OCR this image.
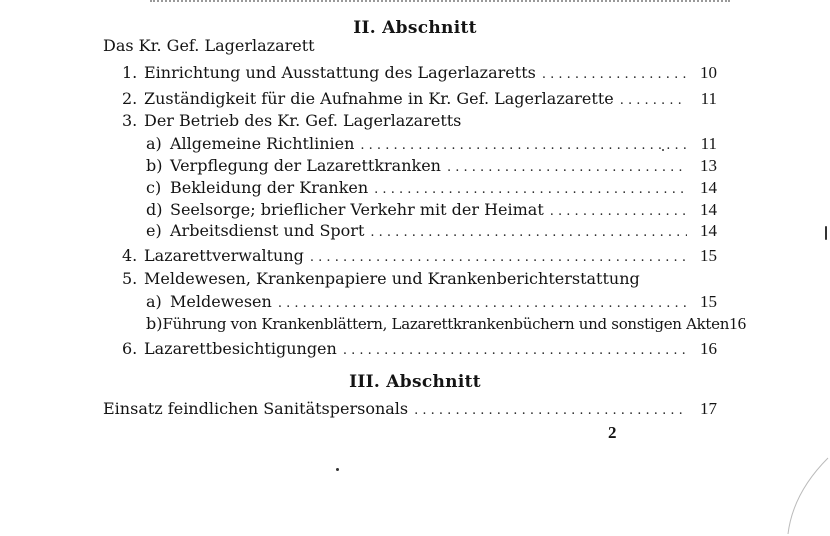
II. Abschnitt
Das Kr. Gef. Lagerlazarett
1. Einrichtung und Ausstattung des Lagerlazaretts . . .	10
2. Zuständigkeit für die Aufnahme in Kr. Gef. Lagerlazarette . . .	11
3. Der Betrieb des Kr. Gef. Lagerlazaretts
a) Allgemeine Richtlinien . . .	11
b) Verpflegung der Lazarettkranken . . .	13
c) Bekleidung der Kranken . . .	14
d) Seelsorge; brieflicher Verkehr mit der Heimat . . .	14
e) Arbeitsdienst und Sport . . .	14
4. Lazarettverwaltung . . .	15
5. Meldewesen, Krankenpapiere und Krankenberichterstattung
a) Meldewesen . . .	15
b) Führung von Krankenblättern, Lazarettkrankenbüchern und sonstigen Akten 16
6. Lazarettbesichtigungen . . .	16
III. Abschnitt
Einsatz feindlichen Sanitätspersonals . . .	17
2
